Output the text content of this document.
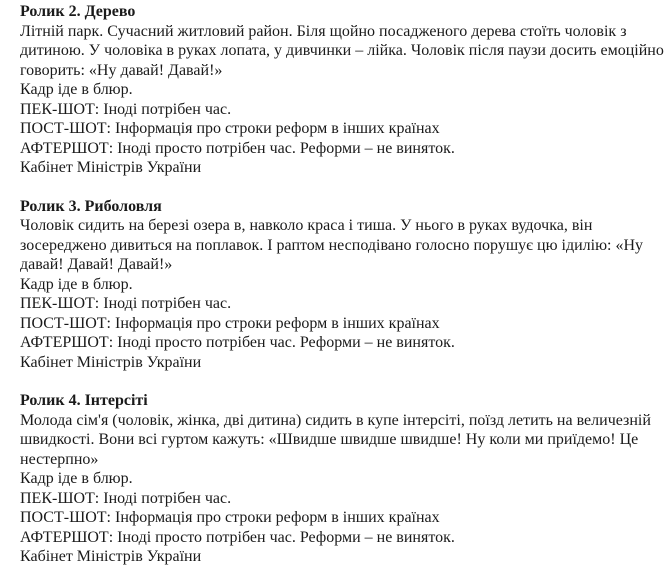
Ролик 2. Дерево

Літній парк. Сучасний житловий район. Біля щойно посадженого дерева стоїть чоловік з дитиною. У чоловіка в руках лопата, у дивчинки – лійка. Чоловік після паузи досить емоційно говорить: «Ну давай! Давай!»

Кадр іде в блюр.

ПЕК-ШОТ: Іноді потрібен час.

ПОСТ-ШОТ: Інформація про строки реформ в інших країнах

АФТЕРШОТ: Іноді просто потрібен час. Реформи – не виняток.

Кабінет Міністрів України

Ролик 3. Риболовля

Чоловік сидить на березі озера в, навколо краса і тиша. У нього в руках вудочка, він зосереджено дивиться на поплавок. І раптом несподівано голосно порушує цю ідилію: «Ну давай! Давай! Давай!»

Кадр іде в блюр.

ПЕК-ШОТ: Іноді потрібен час.

ПОСТ-ШОТ: Інформація про строки реформ в інших країнах

АФТЕРШОТ: Іноді просто потрібен час. Реформи – не виняток.

Кабінет Міністрів України

Ролик 4. Інтерсіті

Молода сім'я (чоловік, жінка, дві дитина) сидить в купе інтерсіті, поїзд летить на величезній швидкості. Вони всі гуртом кажуть: «Швидше швидше швидше! Ну коли ми приїдемо! Це нестерпно»

Кадр іде в блюр.

ПЕК-ШОТ: Іноді потрібен час.

ПОСТ-ШОТ: Інформація про строки реформ в інших країнах

АФТЕРШОТ: Іноді просто потрібен час. Реформи – не виняток.

Кабінет Міністрів України
